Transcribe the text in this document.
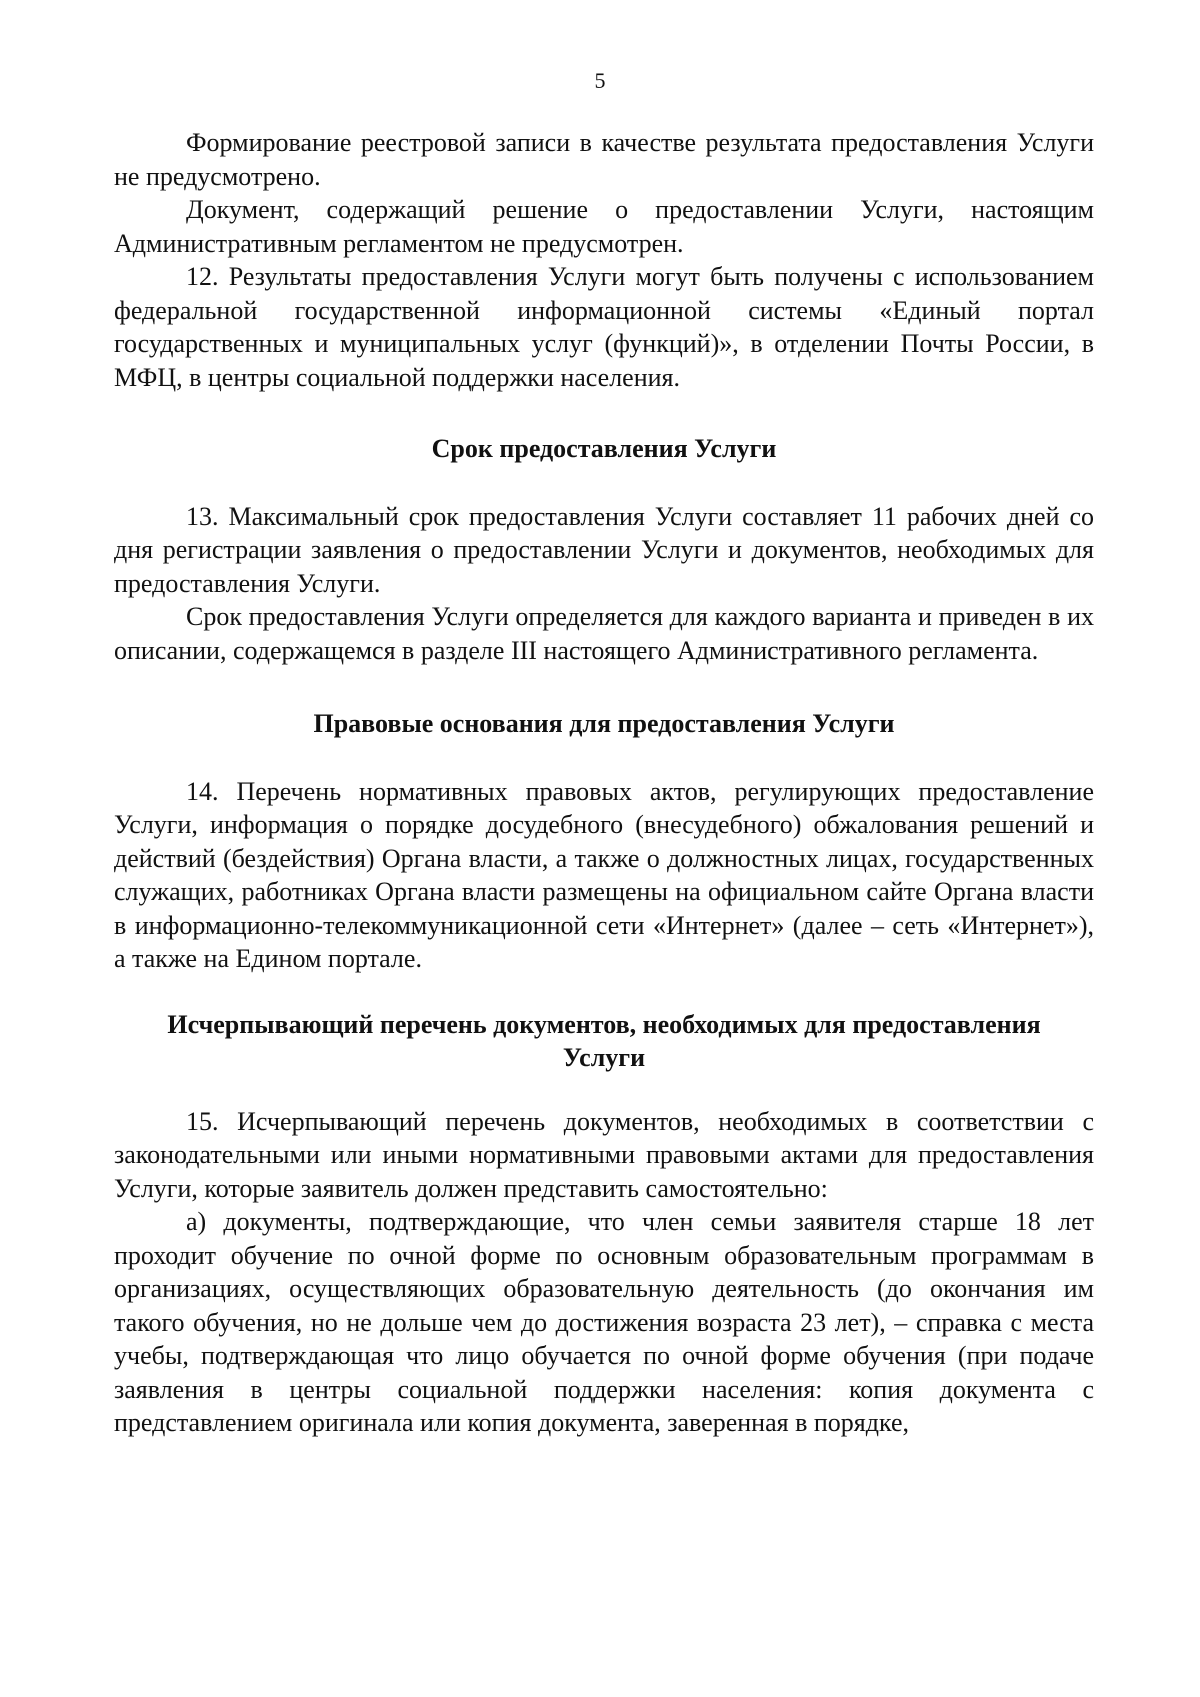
5

Формирование реестровой записи в качестве результата предоставления Услуги не предусмотрено.

Документ, содержащий решение о предоставлении Услуги, настоящим Административным регламентом не предусмотрен.

12. Результаты предоставления Услуги могут быть получены с использованием федеральной государственной информационной системы «Единый портал государственных и муниципальных услуг (функций)», в отделении Почты России, в МФЦ, в центры социальной поддержки населения.

Срок предоставления Услуги

13. Максимальный срок предоставления Услуги составляет 11 рабочих дней со дня регистрации заявления о предоставлении Услуги и документов, необходимых для предоставления Услуги.

Срок предоставления Услуги определяется для каждого варианта и приведен в их описании, содержащемся в разделе III настоящего Административного регламента.

Правовые основания для предоставления Услуги

14. Перечень нормативных правовых актов, регулирующих предоставление Услуги, информация о порядке досудебного (внесудебного) обжалования решений и действий (бездействия) Органа власти, а также о должностных лицах, государственных служащих, работниках Органа власти размещены на официальном сайте Органа власти в информационно-телекоммуникационной сети «Интернет» (далее – сеть «Интернет»), а также на Едином портале.

Исчерпывающий перечень документов, необходимых для предоставления Услуги

15. Исчерпывающий перечень документов, необходимых в соответствии с законодательными или иными нормативными правовыми актами для предоставления Услуги, которые заявитель должен представить самостоятельно:

а) документы, подтверждающие, что член семьи заявителя старше 18 лет проходит обучение по очной форме по основным образовательным программам в организациях, осуществляющих образовательную деятельность (до окончания им такого обучения, но не дольше чем до достижения возраста 23 лет), – справка с места учебы, подтверждающая что лицо обучается по очной форме обучения (при подаче заявления в центры социальной поддержки населения: копия документа с представлением оригинала или копия документа, заверенная в порядке,
